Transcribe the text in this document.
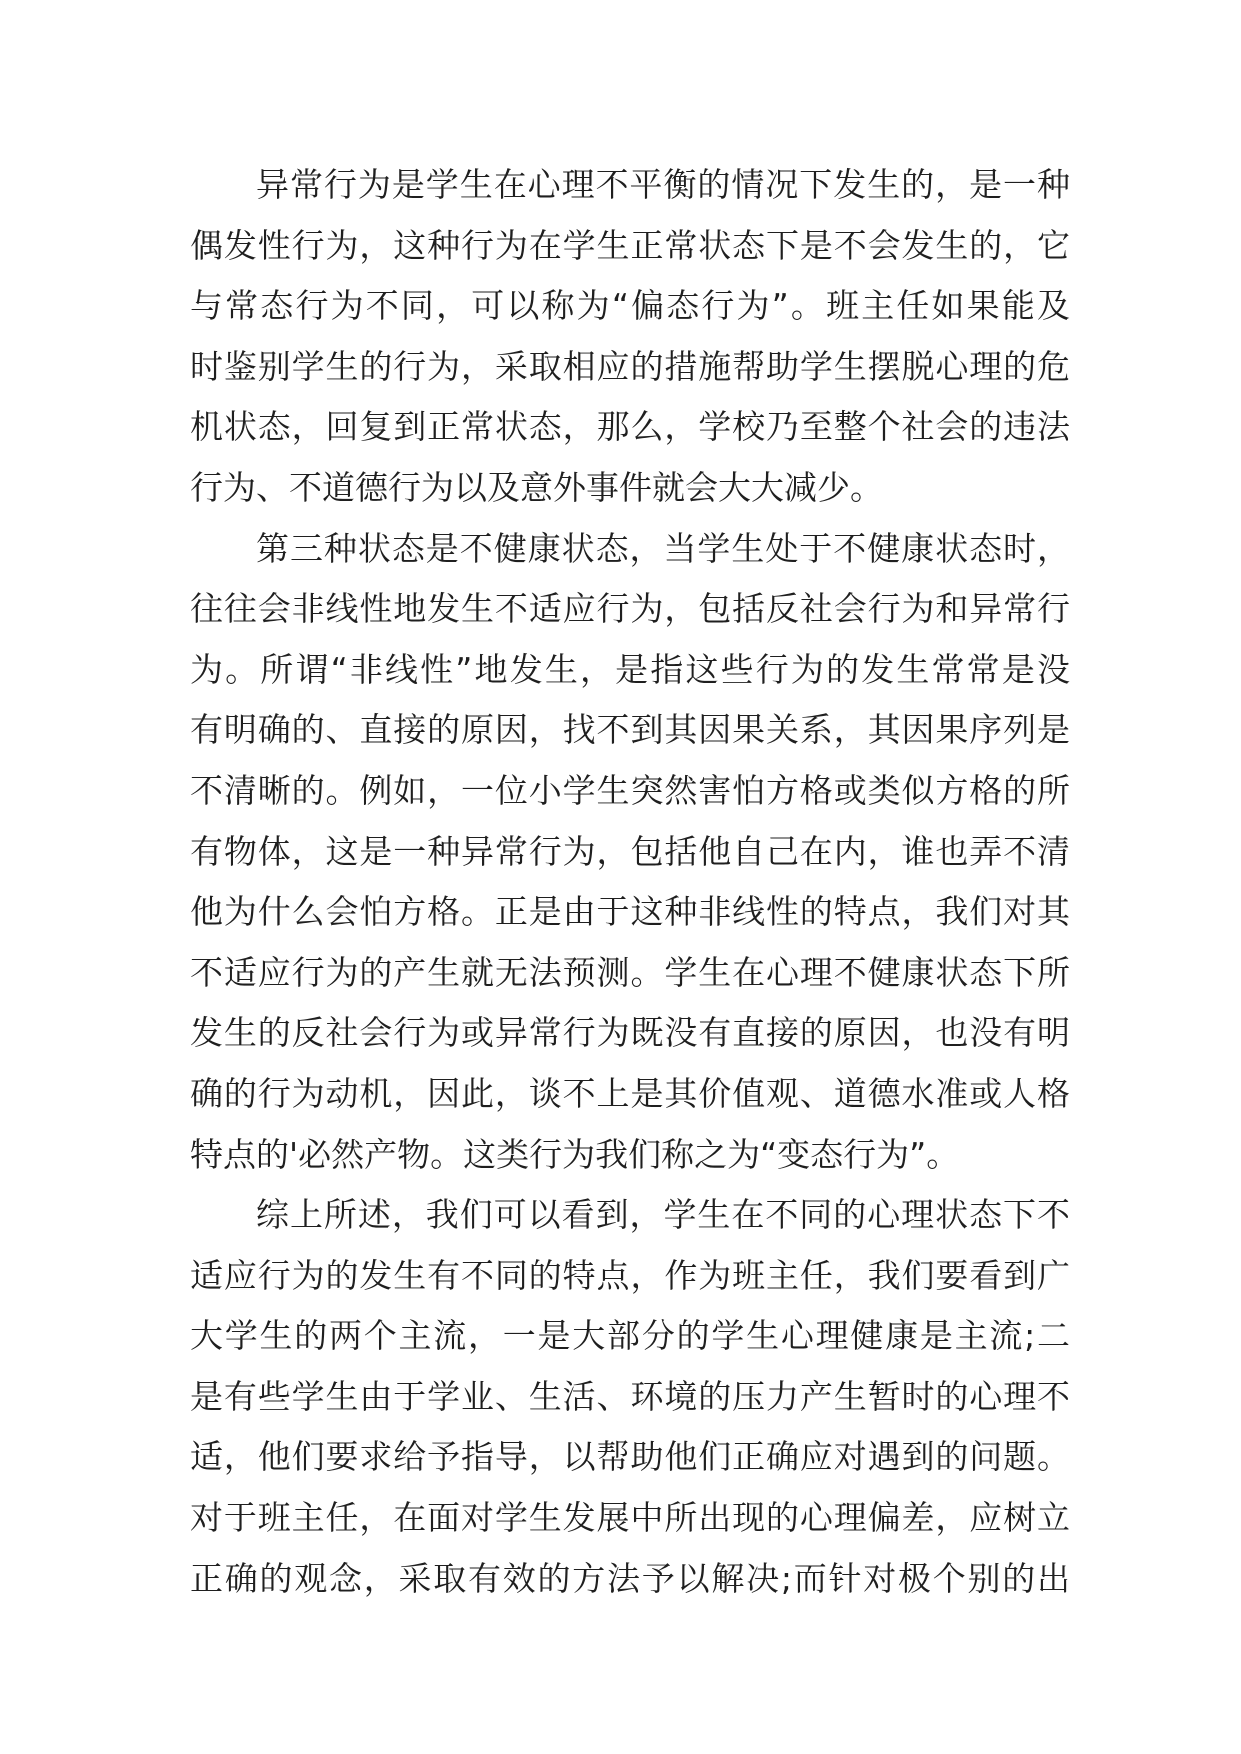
异常行为是学生在心理不平衡的情况下发生的，是一种
偶发性行为，这种行为在学生正常状态下是不会发生的，它
与常态行为不同，可以称为“偏态行为”。班主任如果能及
时鉴别学生的行为，采取相应的措施帮助学生摆脱心理的危
机状态，回复到正常状态，那么，学校乃至整个社会的违法
行为、不道德行为以及意外事件就会大大减少。
第三种状态是不健康状态，当学生处于不健康状态时，
往往会非线性地发生不适应行为，包括反社会行为和异常行
为。所谓“非线性”地发生，是指这些行为的发生常常是没
有明确的、直接的原因，找不到其因果关系，其因果序列是
不清晰的。例如，一位小学生突然害怕方格或类似方格的所
有物体，这是一种异常行为，包括他自己在内，谁也弄不清
他为什么会怕方格。正是由于这种非线性的特点，我们对其
不适应行为的产生就无法预测。学生在心理不健康状态下所
发生的反社会行为或异常行为既没有直接的原因，也没有明
确的行为动机，因此，谈不上是其价值观、道德水准或人格
特点的'必然产物。这类行为我们称之为“变态行为”。
综上所述，我们可以看到，学生在不同的心理状态下不
适应行为的发生有不同的特点，作为班主任，我们要看到广
大学生的两个主流，一是大部分的学生心理健康是主流;二
是有些学生由于学业、生活、环境的压力产生暂时的心理不
适，他们要求给予指导，以帮助他们正确应对遇到的问题。
对于班主任，在面对学生发展中所出现的心理偏差，应树立
正确的观念，采取有效的方法予以解决;而针对极个别的出
